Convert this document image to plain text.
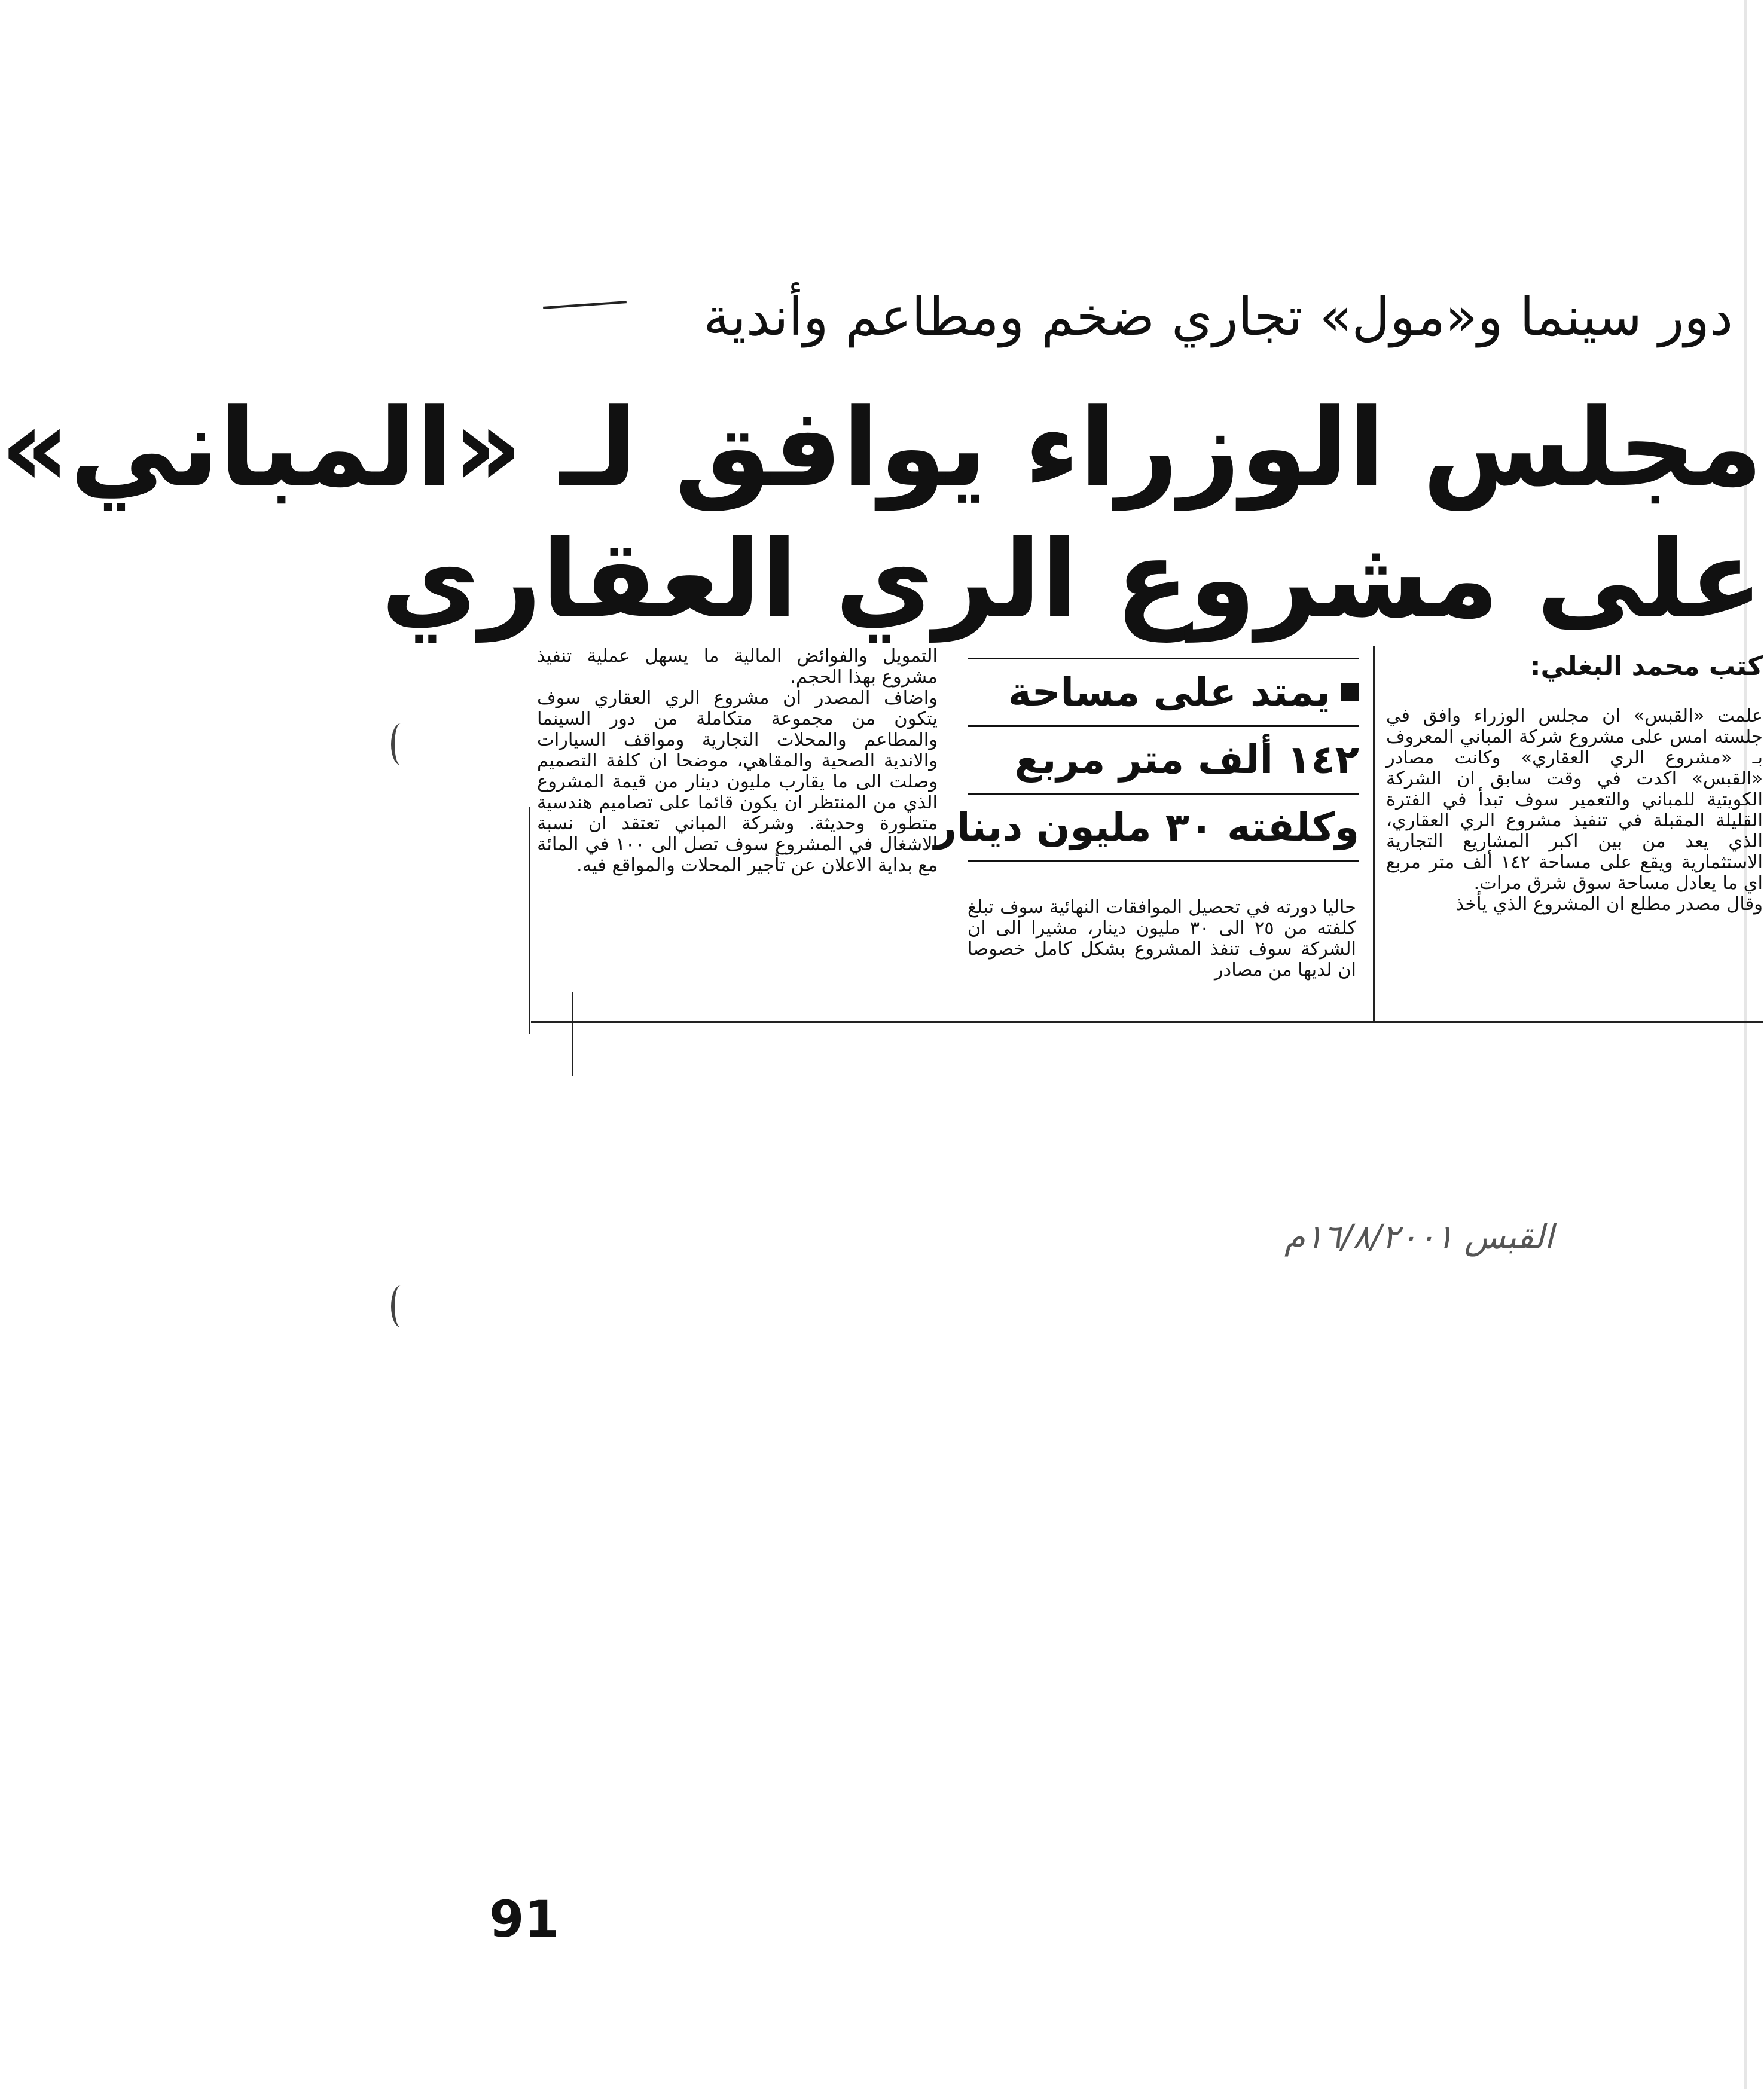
دور سينما و«مول» تجاري ضخم ومطاعم وأندية
مجلس الوزراء يوافق لـ «المباني»
على مشروع الري العقاري
كتب محمد البغلي:

علمت «القبس» ان مجلس الوزراء وافق في جلسته امس على مشروع شركة المباني المعروف بـ «مشروع الري العقاري» وكانت مصادر «القبس» اكدت في وقت سابق ان الشركة الكويتية للمباني والتعمير سوف تبدأ في الفترة القليلة المقبلة في تنفيذ مشروع الري العقاري، الذي يعد من بين اكبر المشاريع التجارية الاستثمارية ويقع على مساحة ١٤٢ ألف متر مربع اي ما يعادل مساحة سوق شرق مرات.

وقال مصدر مطلع ان المشروع الذي يأخذ

يمتد على مساحة
١٤٢ ألف متر مربع
وكلفته ٣٠ مليون دينار

حاليا دورته في تحصيل الموافقات النهائية سوف تبلغ كلفته من ٢٥ الى ٣٠ مليون دينار، مشيرا الى ان الشركة سوف تنفذ المشروع بشكل كامل خصوصا ان لديها من مصادر

التمويل والفوائض المالية ما يسهل عملية تنفيذ مشروع بهذا الحجم.

واضاف المصدر ان مشروع الري العقاري سوف يتكون من مجموعة متكاملة من دور السينما والمطاعم والمحلات التجارية ومواقف السيارات والاندية الصحية والمقاهي، موضحا ان كلفة التصميم وصلت الى ما يقارب مليون دينار من قيمة المشروع الذي من المنتظر ان يكون قائما على تصاميم هندسية متطورة وحديثة. وشركة المباني تعتقد ان نسبة الاشغال في المشروع سوف تصل الى ١٠٠ في المائة مع بداية الاعلان عن تأجير المحلات والمواقع فيه.

القبس ١٦/٨/٢٠٠١م
91
